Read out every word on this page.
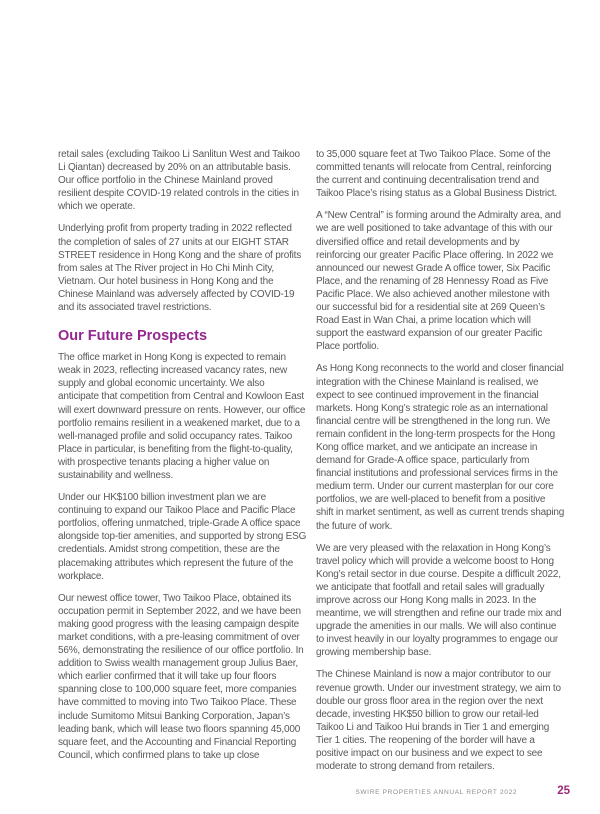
retail sales (excluding Taikoo Li Sanlitun West and Taikoo Li Qiantan) decreased by 20% on an attributable basis. Our office portfolio in the Chinese Mainland proved resilient despite COVID-19 related controls in the cities in which we operate.

Underlying profit from property trading in 2022 reflected the completion of sales of 27 units at our EIGHT STAR STREET residence in Hong Kong and the share of profits from sales at The River project in Ho Chi Minh City, Vietnam. Our hotel business in Hong Kong and the Chinese Mainland was adversely affected by COVID-19 and its associated travel restrictions.

Our Future Prospects

The office market in Hong Kong is expected to remain weak in 2023, reflecting increased vacancy rates, new supply and global economic uncertainty. We also anticipate that competition from Central and Kowloon East will exert downward pressure on rents. However, our office portfolio remains resilient in a weakened market, due to a well-managed profile and solid occupancy rates. Taikoo Place in particular, is benefiting from the flight-to-quality, with prospective tenants placing a higher value on sustainability and wellness.

Under our HK$100 billion investment plan we are continuing to expand our Taikoo Place and Pacific Place portfolios, offering unmatched, triple-Grade A office space alongside top-tier amenities, and supported by strong ESG credentials. Amidst strong competition, these are the placemaking attributes which represent the future of the workplace.

Our newest office tower, Two Taikoo Place, obtained its occupation permit in September 2022, and we have been making good progress with the leasing campaign despite market conditions, with a pre-leasing commitment of over 56%, demonstrating the resilience of our office portfolio. In addition to Swiss wealth management group Julius Baer, which earlier confirmed that it will take up four floors spanning close to 100,000 square feet, more companies have committed to moving into Two Taikoo Place. These include Sumitomo Mitsui Banking Corporation, Japan’s leading bank, which will lease two floors spanning 45,000 square feet, and the Accounting and Financial Reporting Council, which confirmed plans to take up close

to 35,000 square feet at Two Taikoo Place. Some of the committed tenants will relocate from Central, reinforcing the current and continuing decentralisation trend and Taikoo Place’s rising status as a Global Business District.

A “New Central” is forming around the Admiralty area, and we are well positioned to take advantage of this with our diversified office and retail developments and by reinforcing our greater Pacific Place offering. In 2022 we announced our newest Grade A office tower, Six Pacific Place, and the renaming of 28 Hennessy Road as Five Pacific Place. We also achieved another milestone with our successful bid for a residential site at 269 Queen’s Road East in Wan Chai, a prime location which will support the eastward expansion of our greater Pacific Place portfolio.

As Hong Kong reconnects to the world and closer financial integration with the Chinese Mainland is realised, we expect to see continued improvement in the financial markets. Hong Kong’s strategic role as an international financial centre will be strengthened in the long run. We remain confident in the long-term prospects for the Hong Kong office market, and we anticipate an increase in demand for Grade-A office space, particularly from financial institutions and professional services firms in the medium term. Under our current masterplan for our core portfolios, we are well-placed to benefit from a positive shift in market sentiment, as well as current trends shaping the future of work.

We are very pleased with the relaxation in Hong Kong’s travel policy which will provide a welcome boost to Hong Kong’s retail sector in due course. Despite a difficult 2022, we anticipate that footfall and retail sales will gradually improve across our Hong Kong malls in 2023. In the meantime, we will strengthen and refine our trade mix and upgrade the amenities in our malls. We will also continue to invest heavily in our loyalty programmes to engage our growing membership base.

The Chinese Mainland is now a major contributor to our revenue growth. Under our investment strategy, we aim to double our gross floor area in the region over the next decade, investing HK$50 billion to grow our retail-led Taikoo Li and Taikoo Hui brands in Tier 1 and emerging Tier 1 cities. The reopening of the border will have a positive impact on our business and we expect to see moderate to strong demand from retailers.

SWIRE PROPERTIES ANNUAL REPORT 2022	25
